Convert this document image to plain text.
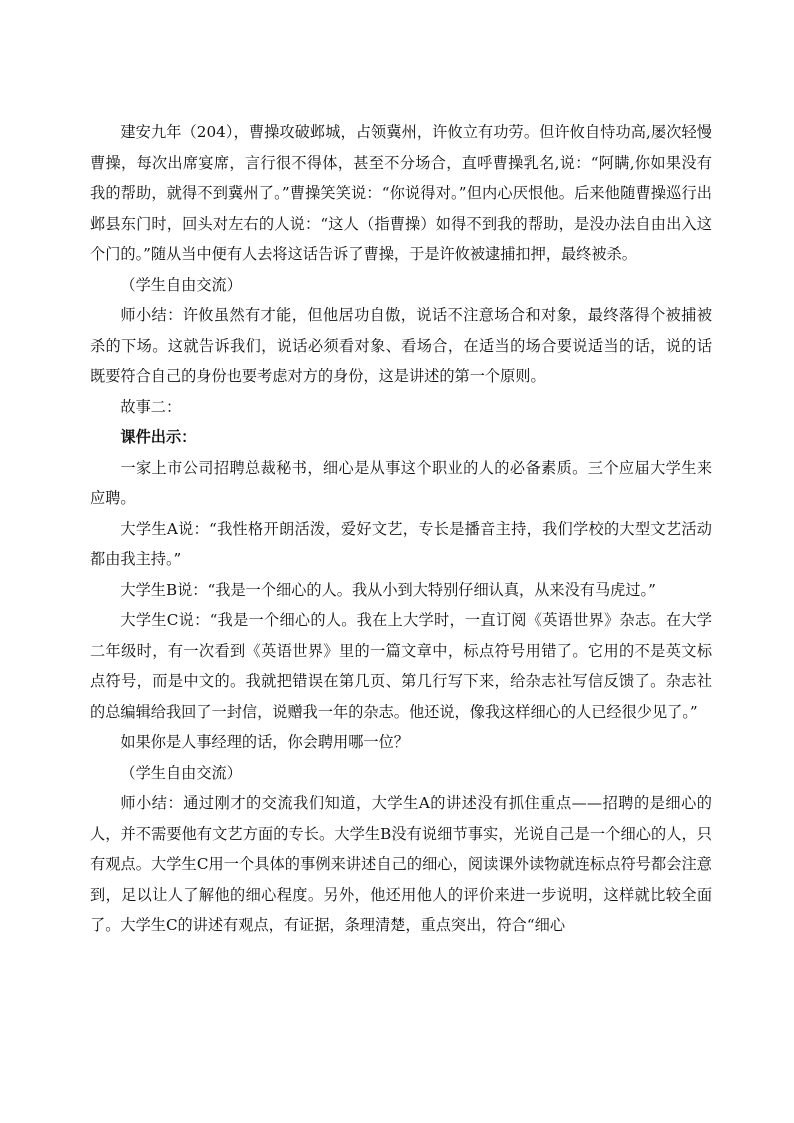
建安九年（204），曹操攻破邺城，占领冀州，许攸立有功劳。但许攸自恃功高,屡次轻慢曹操，每次出席宴席，言行很不得体，甚至不分场合，直呼曹操乳名,说：“阿瞒,你如果没有我的帮助，就得不到冀州了。”曹操笑笑说：“你说得对。”但内心厌恨他。后来他随曹操巡行出邺县东门时，回头对左右的人说：“这人（指曹操）如得不到我的帮助，是没办法自由出入这个门的。”随从当中便有人去将这话告诉了曹操，于是许攸被逮捕扣押，最终被杀。

（学生自由交流）

师小结：许攸虽然有才能，但他居功自傲，说话不注意场合和对象，最终落得个被捕被杀的下场。这就告诉我们，说话必须看对象、看场合，在适当的场合要说适当的话，说的话既要符合自己的身份也要考虑对方的身份，这是讲述的第一个原则。

故事二：

课件出示：

一家上市公司招聘总裁秘书，细心是从事这个职业的人的必备素质。三个应届大学生来应聘。

大学生A说：“我性格开朗活泼，爱好文艺，专长是播音主持，我们学校的大型文艺活动都由我主持。”

大学生B说：“我是一个细心的人。我从小到大特别仔细认真，从来没有马虎过。”

大学生C说：“我是一个细心的人。我在上大学时，一直订阅《英语世界》杂志。在大学二年级时，有一次看到《英语世界》里的一篇文章中，标点符号用错了。它用的不是英文标点符号，而是中文的。我就把错误在第几页、第几行写下来，给杂志社写信反馈了。杂志社的总编辑给我回了一封信，说赠我一年的杂志。他还说，像我这样细心的人已经很少见了。”

如果你是人事经理的话，你会聘用哪一位？

（学生自由交流）

师小结：通过刚才的交流我们知道，大学生A的讲述没有抓住重点——招聘的是细心的人，并不需要他有文艺方面的专长。大学生B没有说细节事实，光说自己是一个细心的人，只有观点。大学生C用一个具体的事例来讲述自己的细心，阅读课外读物就连标点符号都会注意到，足以让人了解他的细心程度。另外，他还用他人的评价来进一步说明，这样就比较全面了。大学生C的讲述有观点，有证据，条理清楚，重点突出，符合“细心
